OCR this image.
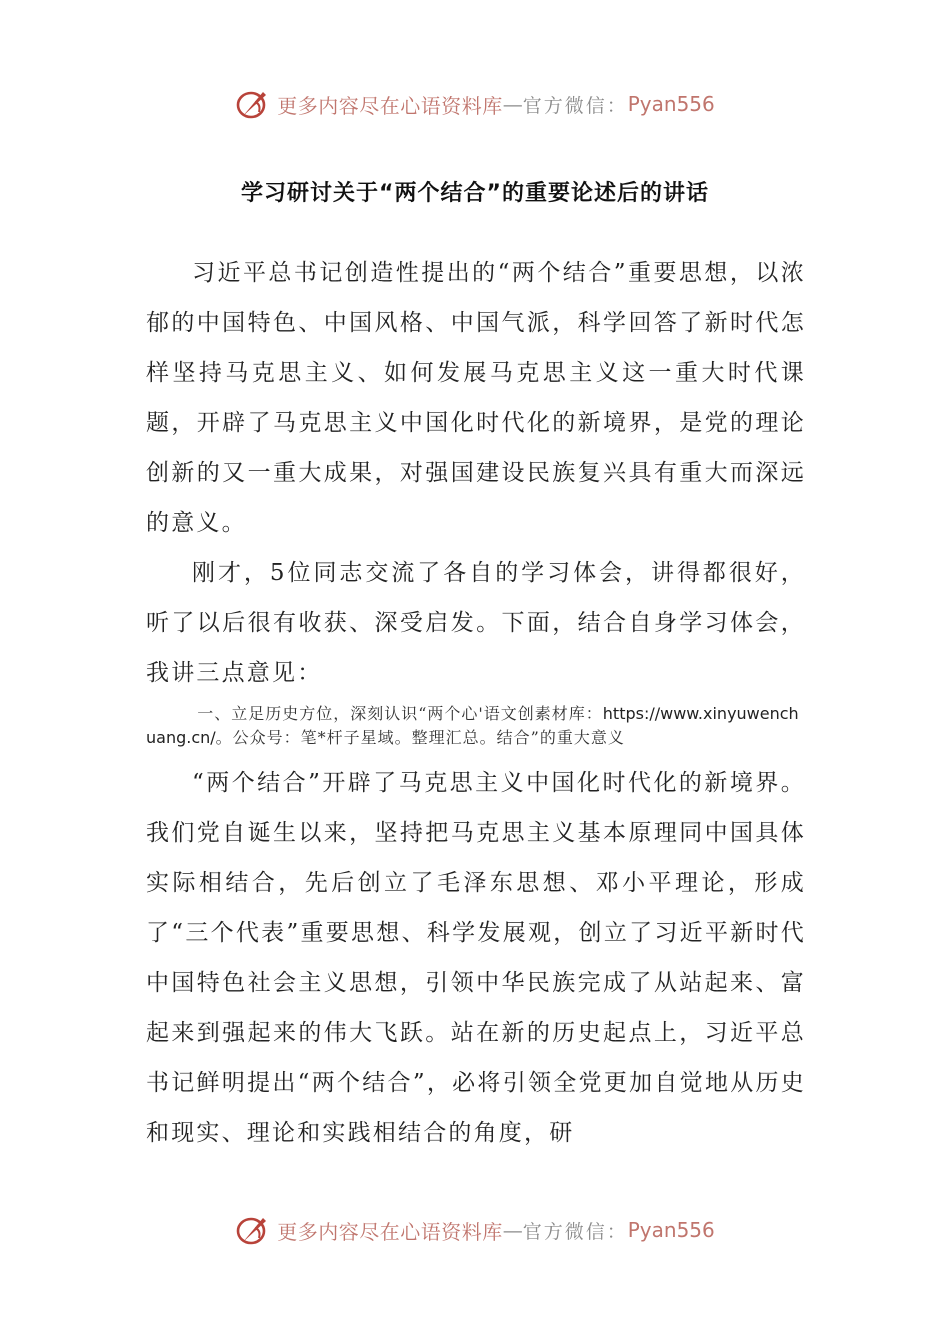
更多内容尽在心语资料库 — 官方微信： Pyan556
学习研讨关于“两个结合”的重要论述后的讲话

习近平总书记创造性提出的“两个结合”重要思想，以浓郁的中国特色、中国风格、中国气派，科学回答了新时代怎样坚持马克思主义、如何发展马克思主义这一重大时代课题，开辟了马克思主义中国化时代化的新境界，是党的理论创新的又一重大成果，对强国建设民族复兴具有重大而深远的意义。

刚才，5位同志交流了各自的学习体会，讲得都很好，听了以后很有收获、深受启发。下面，结合自身学习体会，我讲三点意见：

一、立足历史方位，深刻认识“两个心'语文创素材库：https://www.xinyuwenchuang.cn/。公众号：笔*杆子星域。整理汇总。结合”的重大意义

“两个结合”开辟了马克思主义中国化时代化的新境界。我们党自诞生以来，坚持把马克思主义基本原理同中国具体实际相结合，先后创立了毛泽东思想、邓小平理论，形成了“三个代表”重要思想、科学发展观，创立了习近平新时代中国特色社会主义思想，引领中华民族完成了从站起来、富起来到强起来的伟大飞跃。站在新的历史起点上，习近平总书记鲜明提出“两个结合”，必将引领全党更加自觉地从历史和现实、理论和实践相结合的角度，研

更多内容尽在心语资料库 — 官方微信： Pyan556
